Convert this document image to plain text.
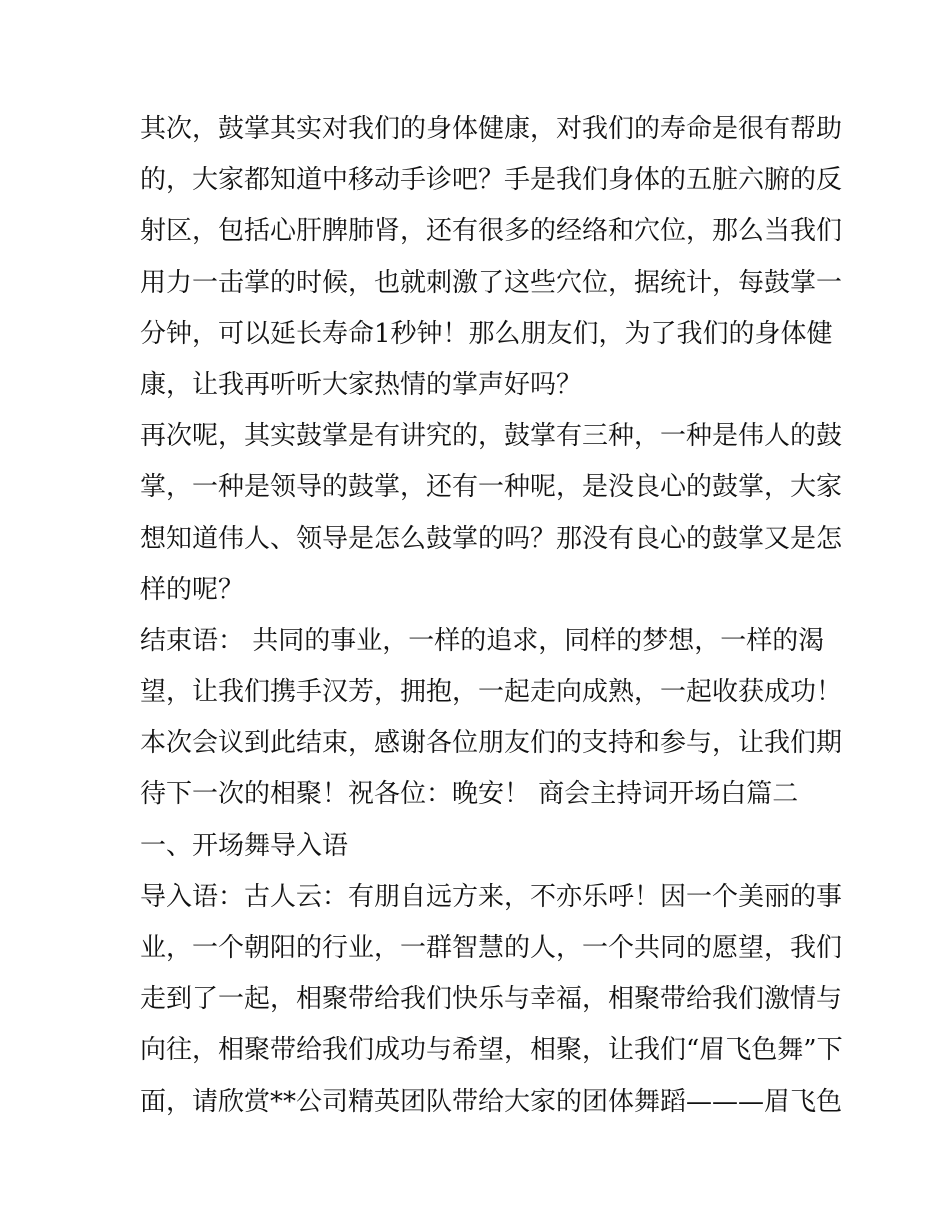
其次，鼓掌其实对我们的身体健康，对我们的寿命是很有帮助
的，大家都知道中移动手诊吧？手是我们身体的五脏六腑的反
射区，包括心肝脾肺肾，还有很多的经络和穴位，那么当我们
用力一击掌的时候，也就刺激了这些穴位，据统计，每鼓掌一
分钟，可以延长寿命1秒钟！那么朋友们，为了我们的身体健
康，让我再听听大家热情的掌声好吗？
再次呢，其实鼓掌是有讲究的，鼓掌有三种，一种是伟人的鼓
掌，一种是领导的鼓掌，还有一种呢，是没良心的鼓掌，大家
想知道伟人、领导是怎么鼓掌的吗？那没有良心的鼓掌又是怎
样的呢？
结束语： 共同的事业，一样的追求，同样的梦想，一样的渴
望，让我们携手汉芳，拥抱，一起走向成熟，一起收获成功！
本次会议到此结束，感谢各位朋友们的支持和参与，让我们期
待下一次的相聚！祝各位：晚安！ 商会主持词开场白篇二
一、开场舞导入语
导入语：古人云：有朋自远方来，不亦乐呼！因一个美丽的事
业，一个朝阳的行业，一群智慧的人，一个共同的愿望，我们
走到了一起，相聚带给我们快乐与幸福，相聚带给我们激情与
向往，相聚带给我们成功与希望，相聚，让我们“眉飞色舞”下
面，请欣赏**公司精英团队带给大家的团体舞蹈———眉飞色
